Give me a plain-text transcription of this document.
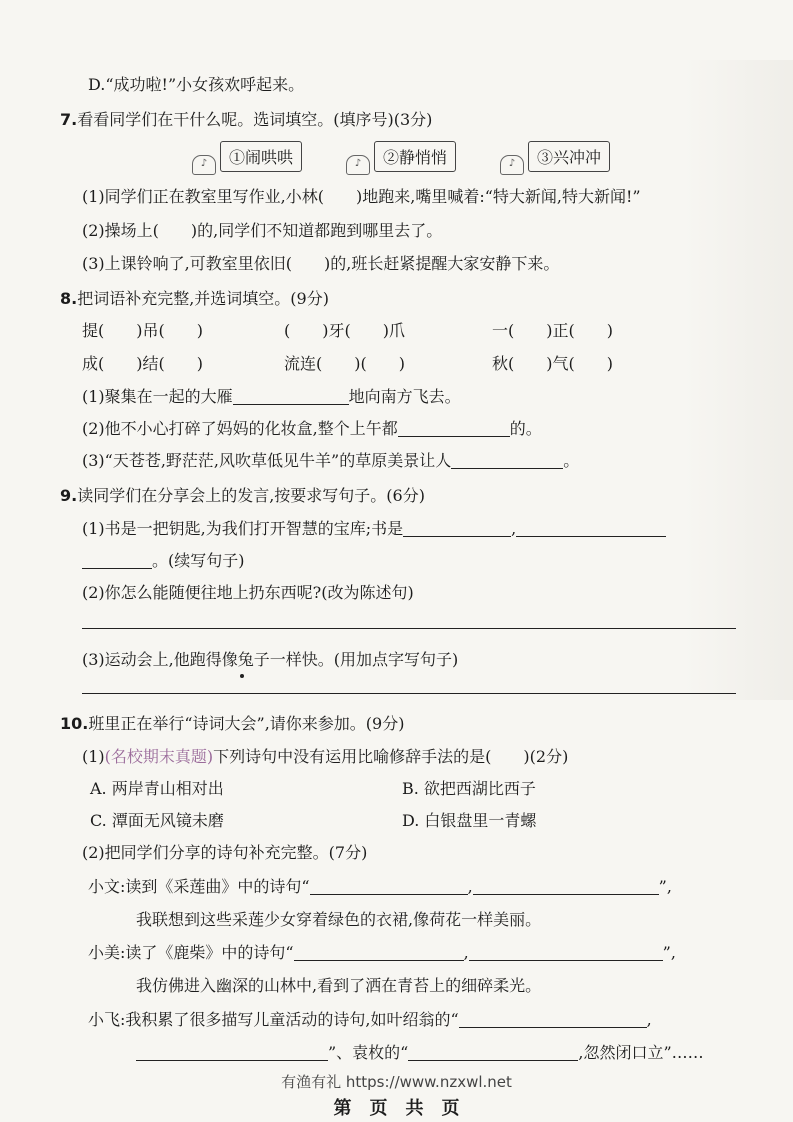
D.“成功啦!”小女孩欢呼起来。
7.看看同学们在干什么呢。选词填空。(填序号)(3分)
♪ ①闹哄哄	♪ ②静悄悄	♪ ③兴冲冲
(1)同学们正在教室里写作业,小林(　　)地跑来,嘴里喊着:“特大新闻,特大新闻!”
(2)操场上(　　)的,同学们不知道都跑到哪里去了。
(3)上课铃响了,可教室里依旧(　　)的,班长赶紧提醒大家安静下来。
8.把词语补充完整,并选词填空。(9分)
提(　　)吊(　　)	(　　)牙(　　)爪	一(　　)正(　　)
成(　　)结(　　)	流连(　　)(　　)	秋(　　)气(　　)
(1)聚集在一起的大雁	地向南方飞去。
(2)他不小心打碎了妈妈的化妆盒,整个上午都	的。
(3)“天苍苍,野茫茫,风吹草低见牛羊”的草原美景让人	。
9.读同学们在分享会上的发言,按要求写句子。(6分)
(1)书是一把钥匙,为我们打开智慧的宝库;书是	,
。(续写句子)
(2)你怎么能随便往地上扔东西呢?(改为陈述句)
(3)运动会上,他跑得像兔子一样快。(用加点字写句子)
10.班里正在举行“诗词大会”,请你来参加。(9分)
(1)(名校期末真题)下列诗句中没有运用比喻修辞手法的是(　　)(2分)
A. 两岸青山相对出	B. 欲把西湖比西子
C. 潭面无风镜未磨	D. 白银盘里一青螺
(2)把同学们分享的诗句补充完整。(7分)
小文:读到《采莲曲》中的诗句“	,	”,
我联想到这些采莲少女穿着绿色的衣裙,像荷花一样美丽。
小美:读了《鹿柴》中的诗句“	,	”,
我仿佛进入幽深的山林中,看到了洒在青苔上的细碎柔光。
小飞:我积累了很多描写儿童活动的诗句,如叶绍翁的“	,
”、袁枚的“	,忽然闭口立”……
有渔有礼 https://www.nzxwl.net
第　页　共　页
